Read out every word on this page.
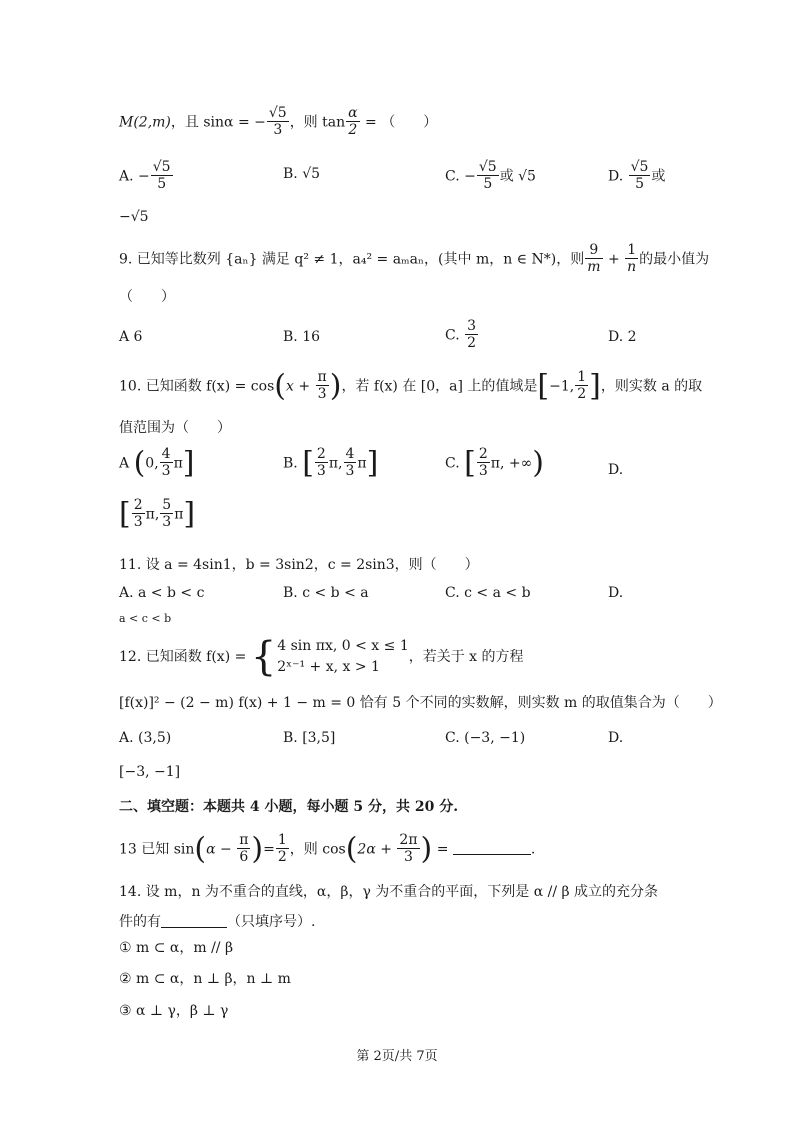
M(2,m)，且 sinα = − $\frac{√5}{3}$ ，则 $\tan \frac{\alpha}{2}$ = （　　）
A. − $\frac{√5}{5}$	B. √5	C. − $\frac{√5}{5}$ 或 √5	D. $\frac{√5}{5}$ 或
−√5
9. 已知等比数列 {aₙ} 满足 q² ≠ 1，a₄² = aₘaₙ，(其中 m，n ∈ N*)，则 $\frac{9}{m} + \frac{1}{n}$ 的最小值为
（　　）
A 6	B. 16	C. $\frac{3}{2}$	D. 2
10. 已知函数 $f(x) = \cos(x + \frac{\pi}{3}$ )，若 f(x) 在 [0，a] 上的值域是[−1, $\frac{1}{2}$ ]，则实数 a 的取
值范围为（　　）
A (0, $\frac{4}{3} \pi$]	B. [ $\frac{2}{3} \pi$, $\frac{4}{3} \pi$]	C. [ $\frac{2}{3} \pi$, +∞)	D.
[ $\frac{2}{3} \pi$, $\frac{5}{3} \pi$]
11. 设 a = 4sin1，b = 3sin2，c = 2sin3，则（　　）
A. a < b < c	B. c < b < a	C. c < a < b	D.
a < c < b
12. 已知函数 f(x) = { 4 sin πx, 0 < x ≤ 1
2ˣ⁻¹ + x, x > 1
，若关于 x 的方程
[f(x)]² − (2 − m) f(x) + 1 − m = 0 恰有 5 个不同的实数解，则实数 m 的取值集合为（　　）
A. (3,5)	B. [3,5]	C. (−3, −1)	D.
[−3, −1]
二、填空题：本题共 4 小题，每小题 5 分，共 20 分.
13 已知 $\sin(\alpha - \frac{\pi}{6}$ )= $\frac{1}{2}$ ，则 $\cos(2\alpha + \frac{2\pi}{3}$ ) =	.
14. 设 m，n 为不重合的直线，α，β，γ 为不重合的平面，下列是 α // β 成立的充分条
件的有	（只填序号）.
① m ⊂ α，m // β
② m ⊂ α，n ⊥ β，n ⊥ m
③ α ⊥ γ，β ⊥ γ
第 2页/共 7页
